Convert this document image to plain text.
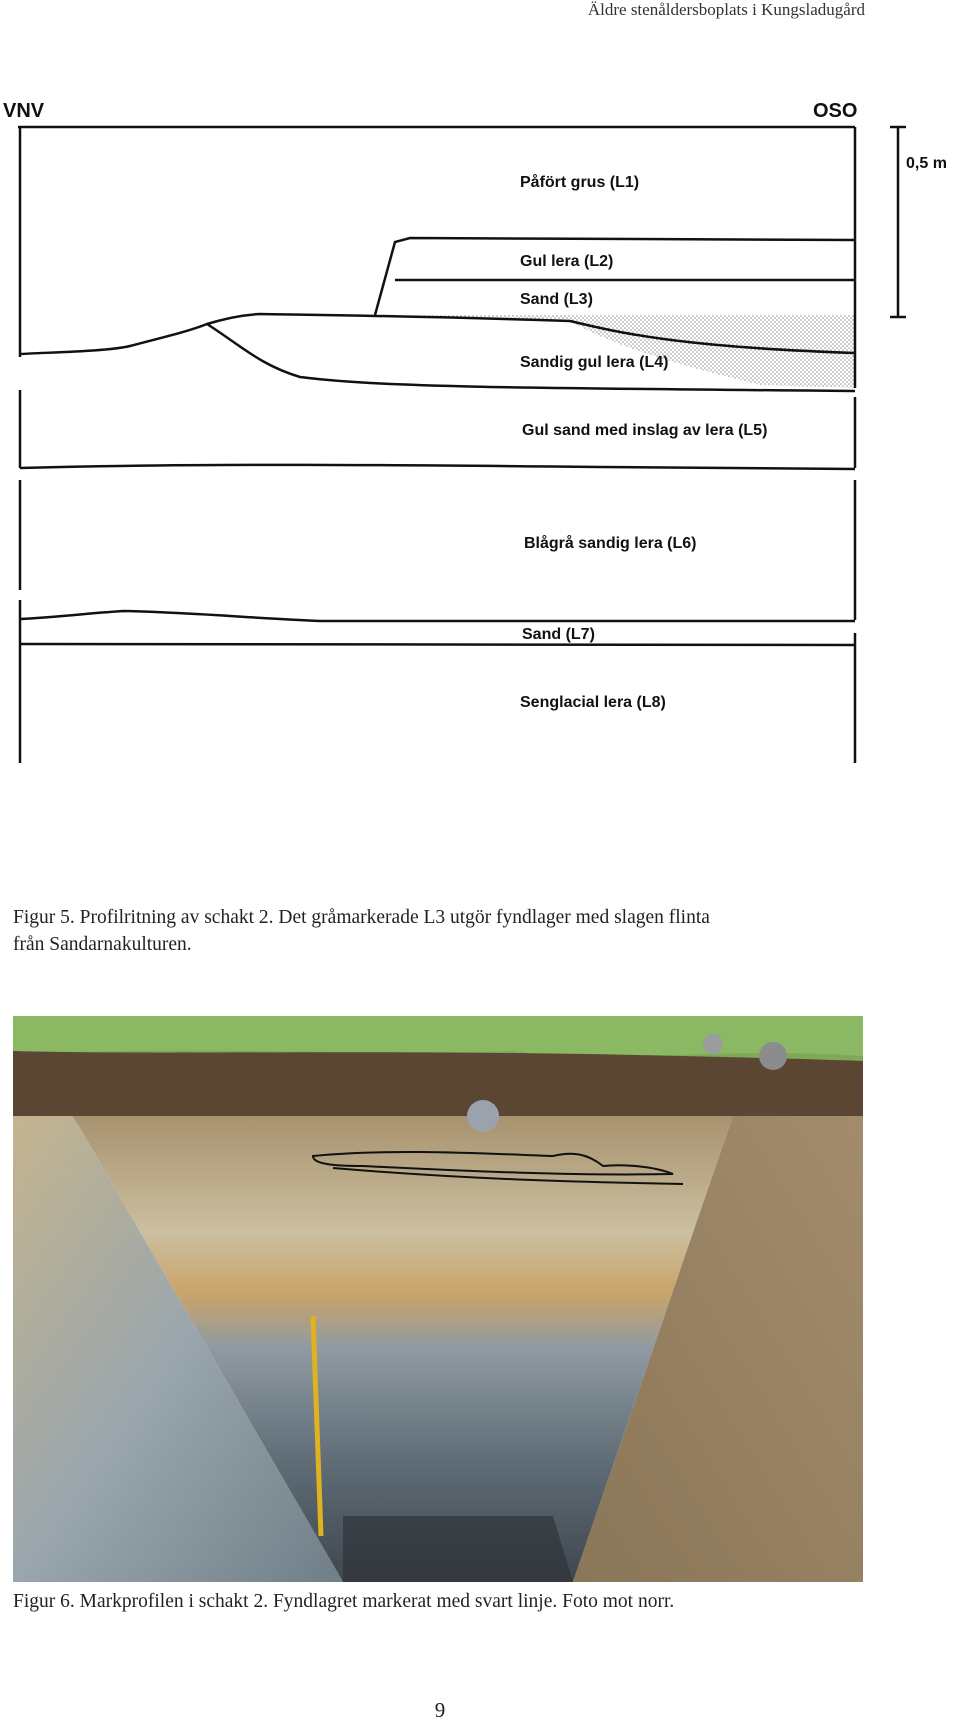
Äldre stenåldersboplats i Kungsladugård
VNV	OSO
0,5 m
Påfört grus (L1)
Gul lera (L2)
Sand (L3)
Sandig gul lera (L4)
Gul sand med inslag av lera (L5)
Blågrå sandig lera (L6)
Sand (L7)
Senglacial lera (L8)
Figur 5. Profilritning av schakt 2. Det gråmarkerade L3 utgör fyndlager med slagen flinta
från Sandarnakulturen.
Figur 6. Markprofilen i schakt 2. Fyndlagret markerat med svart linje. Foto mot norr.
9
